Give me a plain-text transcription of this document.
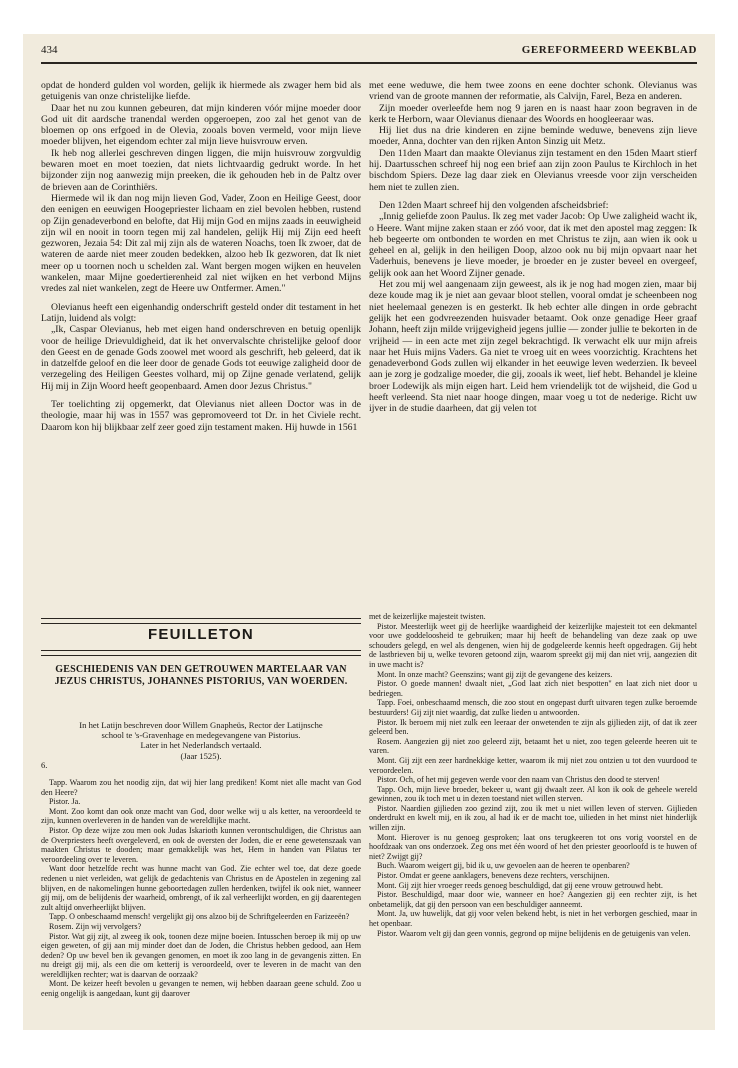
434	GEREFORMEERD WEEKBLAD

opdat de honderd gulden vol worden, gelijk ik hiermede als zwager hem bid als getuigenis van onze christelijke liefde.

Daar het nu zou kunnen gebeuren, dat mijn kinderen vóór mijne moeder door God uit dit aardsche tranendal werden opgeroepen, zoo zal het genot van de bloemen op ons erfgoed in de Olevia, zooals boven vermeld, voor mijn lieve moeder blijven, het eigendom echter zal mijn lieve huisvrouw erven.

Ik heb nog allerlei geschreven dingen liggen, die mijn huisvrouw zorgvuldig bewaren moet en moet toezien, dat niets lichtvaardig gedrukt worde. In het bijzonder zijn nog aanwezig mijn preeken, die ik gehouden heb in de Paltz over de brieven aan de Corinthiërs.

Hiermede wil ik dan nog mijn lieven God, Vader, Zoon en Heilige Geest, door den eenigen en eeuwigen Hoogepriester lichaam en ziel bevolen hebben, rustend op Zijn genadeverbond en belofte, dat Hij mijn God en mijns zaads in eeuwigheid zijn wil en nooit in toorn tegen mij zal handelen, gelijk Hij mij Zijn eed heeft gezworen, Jezaia 54: Dit zal mij zijn als de wateren Noachs, toen Ik zwoer, dat de wateren de aarde niet meer zouden bedekken, alzoo heb Ik gezworen, dat Ik niet meer op u toornen noch u schelden zal. Want bergen mogen wijken en heuvelen wankelen, maar Mijne goedertierenheid zal niet wijken en het verbond Mijns vredes zal niet wankelen, zegt de Heere uw Ontfermer. Amen."

Olevianus heeft een eigenhandig onderschrift gesteld onder dit testament in het Latijn, luidend als volgt:

„Ik, Caspar Olevianus, heb met eigen hand onderschreven en betuig openlijk voor de heilige Drievuldigheid, dat ik het onvervalschte christelijke geloof door den Geest en de genade Gods zoowel met woord als geschrift, heb geleerd, dat ik in datzelfde geloof en die leer door de genade Gods tot eeuwige zaligheid door de verzegeling des Heiligen Geestes volhard, mij op Zijne genade verlatend, gelijk Hij mij in Zijn Woord heeft geopenbaard. Amen door Jezus Christus."

Ter toelichting zij opgemerkt, dat Olevianus niet alleen Doctor was in de theologie, maar hij was in 1557 was gepromoveerd tot Dr. in het Civiele recht. Daarom kon hij blijkbaar zelf zeer goed zijn testament maken. Hij huwde in 1561

met eene weduwe, die hem twee zoons en eene dochter schonk. Olevianus was vriend van de groote mannen der reformatie, als Calvijn, Farel, Beza en anderen.

Zijn moeder overleefde hem nog 9 jaren en is naast haar zoon begraven in de kerk te Herborn, waar Olevianus dienaar des Woords en hoogleeraar was.

Hij liet dus na drie kinderen en zijne beminde weduwe, benevens zijn lieve moeder, Anna, dochter van den rijken Anton Sinzig uit Metz.

Den 11den Maart dan maakte Olevianus zijn testament en den 15den Maart stierf hij. Daartusschen schreef hij nog een brief aan zijn zoon Paulus te Kirchloch in het bischdom Spiers. Deze lag daar ziek en Olevianus vreesde voor zijn verscheiden hem niet te zullen zien.

Den 12den Maart schreef hij den volgenden afscheidsbrief:

„Innig geliefde zoon Paulus. Ik zeg met vader Jacob: Op Uwe zaligheid wacht ik, o Heere. Want mijne zaken staan er zóó voor, dat ik met den apostel mag zeggen: Ik heb begeerte om ontbonden te worden en met Christus te zijn, aan wien ik ook u geheel en al, gelijk in den heiligen Doop, alzoo ook nu bij mijn opvaart naar het Vaderhuis, benevens je lieve moeder, je broeder en je zuster beveel en overgeef, gelijk ook aan het Woord Zijner genade.

Het zou mij wel aangenaam zijn geweest, als ik je nog had mogen zien, maar bij deze koude mag ik je niet aan gevaar bloot stellen, vooral omdat je scheenbeen nog niet heelemaal genezen is en gesterkt. Ik heb echter alle dingen in orde gebracht gelijk het een godvreezenden huisvader betaamt. Ook onze genadige Heer graaf Johann, heeft zijn milde vrijgevigheid jegens jullie — zonder jullie te bekorten in de vrijheid — in een acte met zijn zegel bekrachtigd. Ik verwacht elk uur mijn afreis naar het Huis mijns Vaders. Ga niet te vroeg uit en wees voorzichtig. Krachtens het genadeverbond Gods zullen wij elkander in het eeuwige leven wederzien. Ik beveel aan je zorg je godzalige moeder, die gij, zooals ik weet, lief hebt. Behandel je kleine broer Lodewijk als mijn eigen hart. Leid hem vriendelijk tot de wijsheid, die God u heeft verleend. Sta niet naar hooge dingen, maar voeg u tot de nederige. Richt uw ijver in de studie daarheen, dat gij velen tot

FEUILLETON
GESCHIEDENIS VAN DEN GETROUWEN MARTELAAR VAN JEZUS CHRISTUS, JOHANNES PISTORIUS, VAN WOERDEN.
In het Latijn beschreven door Willem Gnapheüs, Rector der Latijnsche
school te 's-Gravenhage en medegevangene van Pistorius.
Later in het Nederlandsch vertaald.
(Jaar 1525).
6.

Tapp. Waarom zou het noodig zijn, dat wij hier lang prediken! Komt niet alle macht van God den Heere?

Pistor. Ja.

Mont. Zoo komt dan ook onze macht van God, door welke wij u als ketter, na veroordeeld te zijn, kunnen overleveren in de handen van de wereldlijke macht.

Pistor. Op deze wijze zou men ook Judas Iskarioth kunnen verontschuldigen, die Christus aan de Overpriesters heeft overgeleverd, en ook de oversten der Joden, die er eene gewetenszaak van maakten Christus te dooden; maar gemakkelijk was het, Hem in handen van Pilatus ter veroordeeling over te leveren.

Want door hetzelfde recht was hunne macht van God. Zie echter wel toe, dat deze goede redenen u niet verleiden, wat gelijk de gedachtenis van Christus en de Apostelen in zegening zal blijven, en de nakomelingen hunne geboortedagen zullen herdenken, twijfel ik ook niet, wanneer gij mij, om de belijdenis der waarheid, ombrengt, of ik zal verheerlijkt worden, en gij daarentegen zult altijd onverheerlijkt blijven.

Tapp. O onbeschaamd mensch! vergelijkt gij ons alzoo bij de Schriftgeleerden en Farizeeën?

Rosem. Zijn wij vervolgers?

Pistor. Wat gij zijt, al zweeg ik ook, toonen deze mijne boeien. Intusschen beroep ik mij op uw eigen geweten, of gij aan mij minder doet dan de Joden, die Christus hebben gedood, aan Hem deden? Op uw bevel ben ik gevangen genomen, en moet ik zoo lang in de gevangenis zitten. En nu dreigt gij mij, als een die om ketterij is veroordeeld, over te leveren in de macht van den wereldlijken rechter; wat is daarvan de oorzaak?

Mont. De keizer heeft bevolen u gevangen te nemen, wij hebben daaraan geene schuld. Zoo u eenig ongelijk is aangedaan, kunt gij daarover

met de keizerlijke majesteit twisten.

Pistor. Meesterlijk weet gij de heerlijke waardigheid der keizerlijke majesteit tot een dekmantel voor uwe goddeloosheid te gebruiken; maar hij heeft de behandeling van deze zaak op uwe schouders gelegd, en wel als dengenen, wien hij de godgeleerde kennis heeft opgedragen. Gij hebt de lastbrieven bij u, welke tevoren getoond zijn, waarom spreekt gij mij dan niet vrij, aangezien dit in uwe macht is?

Mont. In onze macht? Geenszins; want gij zijt de gevangene des keizers.

Pistor. O goede mannen! dwaalt niet, „God laat zich niet bespotten" en laat zich niet door u bedriegen.

Tapp. Foei, onbeschaamd mensch, die zoo stout en ongepast durft uitvaren tegen zulke beroemde bestuurders! Gij zijt niet waardig, dat zulke lieden u antwoorden.

Pistor. Ik beroem mij niet zulk een leeraar der onwetenden te zijn als gijlieden zijt, of dat ik zeer geleerd ben.

Rosem. Aangezien gij niet zoo geleerd zijt, betaamt het u niet, zoo tegen geleerde heeren uit te varen.

Mont. Gij zijt een zeer hardnekkige ketter, waarom ik mij niet zou ontzien u tot den vuurdood te veroordeelen.

Pistor. Och, of het mij gegeven werde voor den naam van Christus den dood te sterven!

Tapp. Och, mijn lieve broeder, bekeer u, want gij dwaalt zeer. Al kon ik ook de geheele wereld gewinnen, zou ik toch met u in dezen toestand niet willen sterven.

Pistor. Naardien gijlieden zoo gezind zijt, zou ik met u niet willen leven of sterven. Gijlieden onderdrukt en kwelt mij, en ik zou, al had ik er de macht toe, uilieden in het minst niet hinderlijk willen zijn.

Mont. Hierover is nu genoeg gesproken; laat ons terugkeeren tot ons vorig voorstel en de hoofdzaak van ons onderzoek. Zeg ons met één woord of het den priester geoorloofd is te huwen of niet? Zwijgt gij?

Buch. Waarom weigert gij, bid ik u, uw gevoelen aan de heeren te openbaren?

Pistor. Omdat er geene aanklagers, benevens deze rechters, verschijnen.

Mont. Gij zijt hier vroeger reeds genoeg beschuldigd, dat gij eene vrouw getrouwd hebt.

Pistor. Beschuldigd, maar door wie, wanneer en hoe? Aangezien gij een rechter zijt, is het onbetamelijk, dat gij den persoon van een beschuldiger aanneemt.

Mont. Ja, uw huwelijk, dat gij voor velen bekend hebt, is niet in het verborgen geschied, maar in het openbaar.

Pistor. Waarom velt gij dan geen vonnis, gegrond op mijne belijdenis en de getuigenis van velen.
